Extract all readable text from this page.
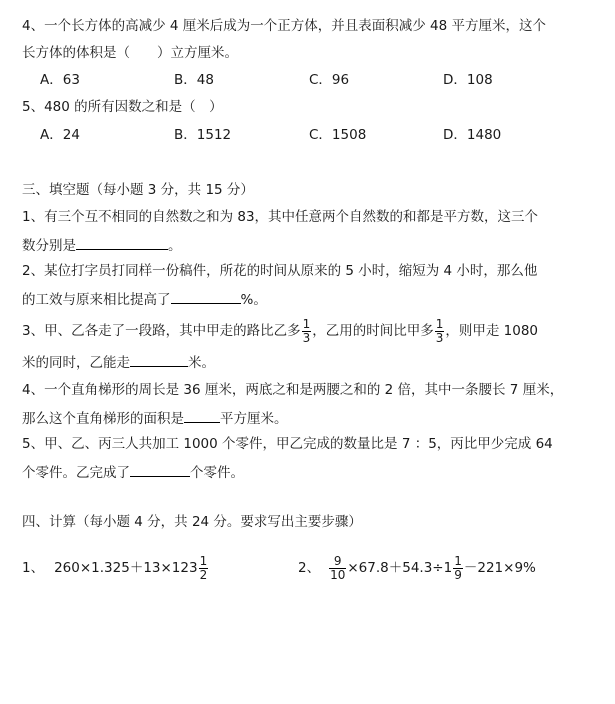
4、一个长方体的高减少 4 厘米后成为一个正方体，并且表面积减少 48 平方厘米，这个
长方体的体积是（　　）立方厘米。
A．63	B．48	C．96	D．108
5、480 的所有因数之和是（　）
A．24	B．1512	C．1508	D．1480
三、填空题（每小题 3 分，共 15 分）
1、有三个互不相同的自然数之和为 83，其中任意两个自然数的和都是平方数，这三个
数分别是	。
2、某位打字员打同样一份稿件，所花的时间从原来的 5 小时，缩短为 4 小时，那么他
的工效与原来相比提高了	%。
3、甲、乙各走了一段路，其中甲走的路比乙多 $\frac{1}{3}$ ，乙用的时间比甲多 $\frac{1}{3}$ ，则甲走 1080
米的同时，乙能走	米。
4、一个直角梯形的周长是 36 厘米，两底之和是两腰之和的 2 倍，其中一条腰长 7 厘米，
那么这个直角梯形的面积是	平方厘米。
5、甲、乙、丙三人共加工 1000 个零件，甲乙完成的数量比是 7 ：5，丙比甲少完成 64
个零件。乙完成了	个零件。
四、计算（每小题 4 分，共 24 分。要求写出主要步骤）
1、 $260\times 1.325+13\times 123 \frac{1}{2}$	2、 $\frac{9}{10} \times 67.8+54.3\div 1 \frac{1}{9} -221\times 9\%$
